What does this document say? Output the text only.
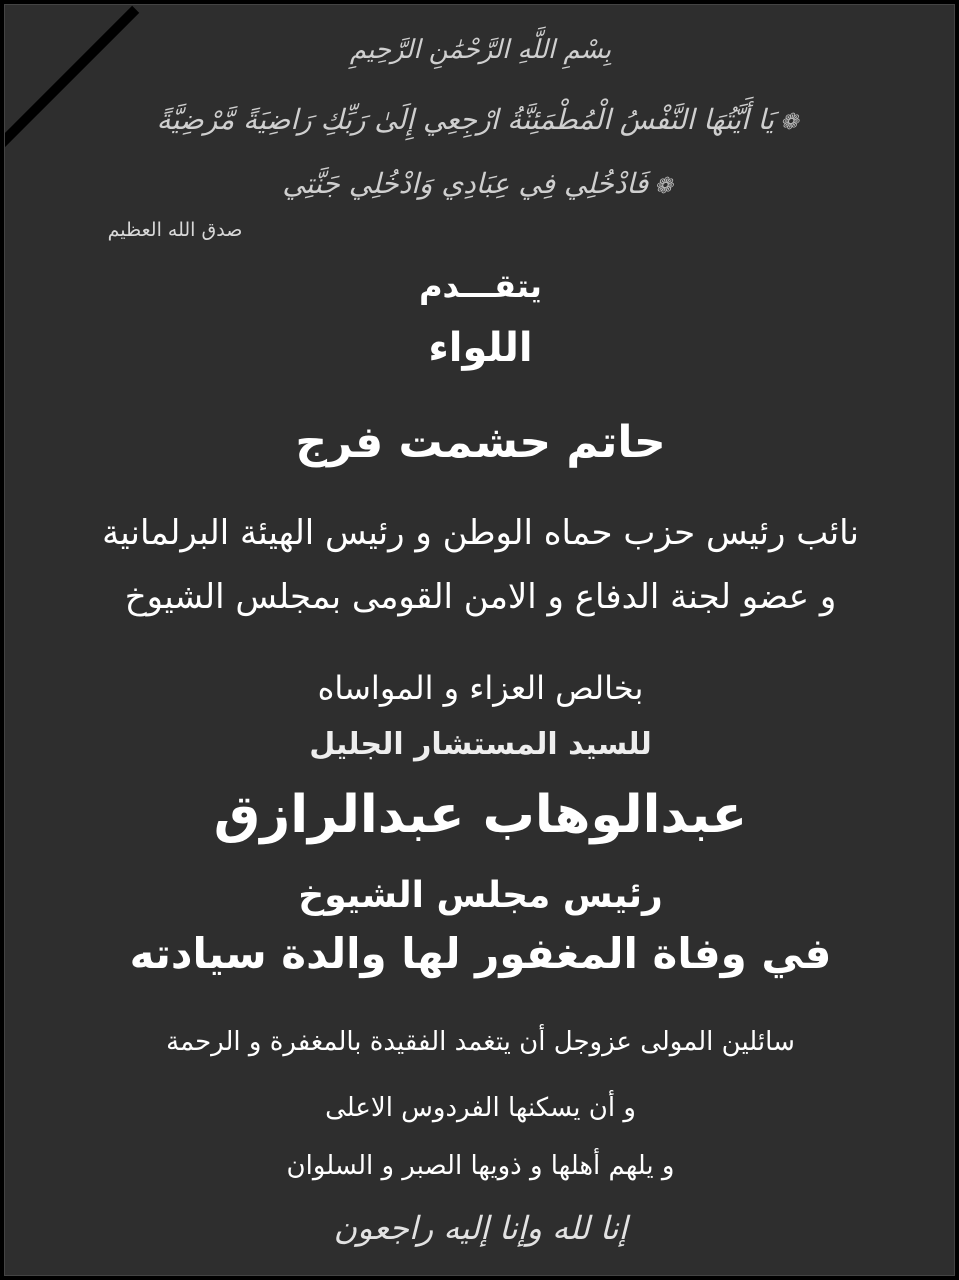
بِسْمِ اللَّهِ الرَّحْمَٰنِ الرَّحِيمِ
❁يَا أَيَّتُهَا النَّفْسُ الْمُطْمَئِنَّةُ ارْجِعِي إِلَىٰ رَبِّكِ رَاضِيَةً مَّرْضِيَّةً
❁فَادْخُلِي فِي عِبَادِي وَادْخُلِي جَنَّتِي
صدق الله العظيم
يتقـــدم
اللواء
حاتم حشمت فرج
نائب رئيس حزب حماه الوطن و رئيس الهيئة البرلمانية
و عضو لجنة الدفاع و الامن القومى بمجلس الشيوخ
بخالص العزاء و المواساه
للسيد المستشار الجليل
عبدالوهاب عبدالرازق
رئيس مجلس الشيوخ
في وفاة المغفور لها والدة سيادته
سائلين المولى عزوجل أن يتغمد الفقيدة بالمغفرة و الرحمة
و أن يسكنها الفردوس الاعلى
و يلهم أهلها و ذويها الصبر و السلوان
إنا لله وإنا إليه راجعون
